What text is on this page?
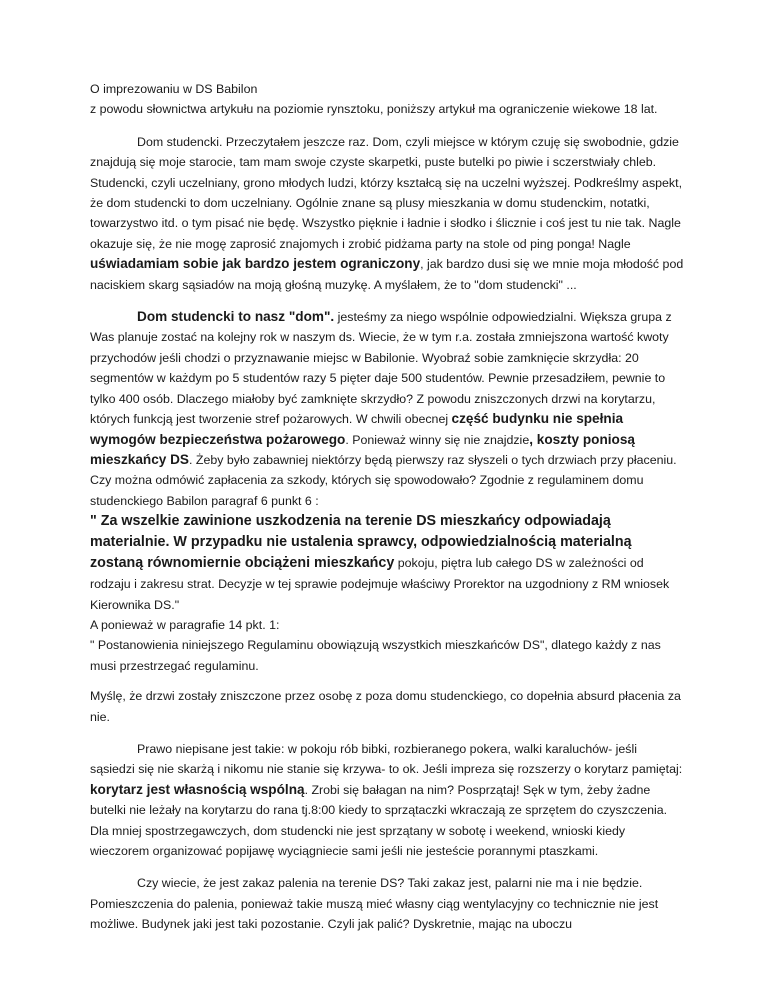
O imprezowaniu w DS Babilon

z powodu słownictwa artykułu na poziomie rynsztoku, poniższy artykuł ma ograniczenie wiekowe 18 lat.

Dom studencki. Przeczytałem jeszcze raz. Dom, czyli miejsce w którym czuję się swobodnie, gdzie znajdują się moje starocie, tam mam swoje czyste skarpetki, puste butelki po piwie i sczerstwiały chleb. Studencki, czyli uczelniany, grono młodych ludzi, którzy kształcą się na uczelni wyższej. Podkreślmy aspekt, że dom studencki to dom uczelniany. Ogólnie znane są plusy mieszkania w domu studenckim, notatki, towarzystwo itd. o tym pisać nie będę. Wszystko pięknie i ładnie i słodko i ślicznie i coś jest tu nie tak. Nagle okazuje się, że nie mogę zaprosić znajomych i zrobić pidżama party na stole od ping ponga! Nagle uświadamiam sobie jak bardzo jestem ograniczony, jak bardzo dusi się we mnie moja młodość pod naciskiem skarg sąsiadów na moją głośną muzykę. A myślałem, że to "dom studencki" ...

Dom studencki to nasz "dom". jesteśmy za niego wspólnie odpowiedzialni. Większa grupa z Was planuje zostać na kolejny rok w naszym ds. Wiecie, że w tym r.a. została zmniejszona wartość kwoty przychodów jeśli chodzi o przyznawanie miejsc w Babilonie. Wyobraź sobie zamknięcie skrzydła: 20 segmentów w każdym po 5 studentów razy 5 pięter daje 500 studentów. Pewnie przesadziłem, pewnie to tylko 400 osób. Dlaczego miałoby być zamknięte skrzydło? Z powodu zniszczonych drzwi na korytarzu, których funkcją jest tworzenie stref pożarowych. W chwili obecnej część budynku nie spełnia wymogów bezpieczeństwa pożarowego. Ponieważ winny się nie znajdzie, koszty poniosą mieszkańcy DS. Żeby było zabawniej niektórzy będą pierwszy raz słyszeli o tych drzwiach przy płaceniu. Czy można odmówić zapłacenia za szkody, których się spowodowało? Zgodnie z regulaminem domu studenckiego Babilon paragraf 6 punkt 6 :

" Za wszelkie zawinione uszkodzenia na terenie DS mieszkańcy odpowiadają materialnie. W przypadku nie ustalenia sprawcy, odpowiedzialnością materialną zostaną równomiernie obciążeni mieszkańcy pokoju, piętra lub całego DS w zależności od rodzaju i zakresu strat. Decyzje w tej sprawie podejmuje właściwy Prorektor na uzgodniony z RM wniosek Kierownika DS."

A ponieważ w paragrafie 14 pkt. 1:

" Postanowienia niniejszego Regulaminu obowiązują wszystkich mieszkańców DS", dlatego każdy z nas musi przestrzegać regulaminu.

Myślę, że drzwi zostały zniszczone przez osobę z poza domu studenckiego, co dopełnia absurd płacenia za nie.

Prawo niepisane jest takie: w pokoju rób bibki, rozbieranego pokera, walki karaluchów- jeśli sąsiedzi się nie skarżą i nikomu nie stanie się krzywa- to ok. Jeśli impreza się rozszerzy o korytarz pamiętaj: korytarz jest własnością wspólną. Zrobi się bałagan na nim? Posprzątaj! Sęk w tym, żeby żadne butelki nie leżały na korytarzu do rana tj.8:00 kiedy to sprzątaczki wkraczają ze sprzętem do czyszczenia. Dla mniej spostrzegawczych, dom studencki nie jest sprzątany w sobotę i weekend, wnioski kiedy wieczorem organizować popijawę wyciągniecie sami jeśli nie jesteście porannymi ptaszkami.

Czy wiecie, że jest zakaz palenia na terenie DS? Taki zakaz jest, palarni nie ma i nie będzie. Pomieszczenia do palenia, ponieważ takie muszą mieć własny ciąg wentylacyjny co technicznie nie jest możliwe. Budynek jaki jest taki pozostanie. Czyli jak palić? Dyskretnie, mając na uboczu
